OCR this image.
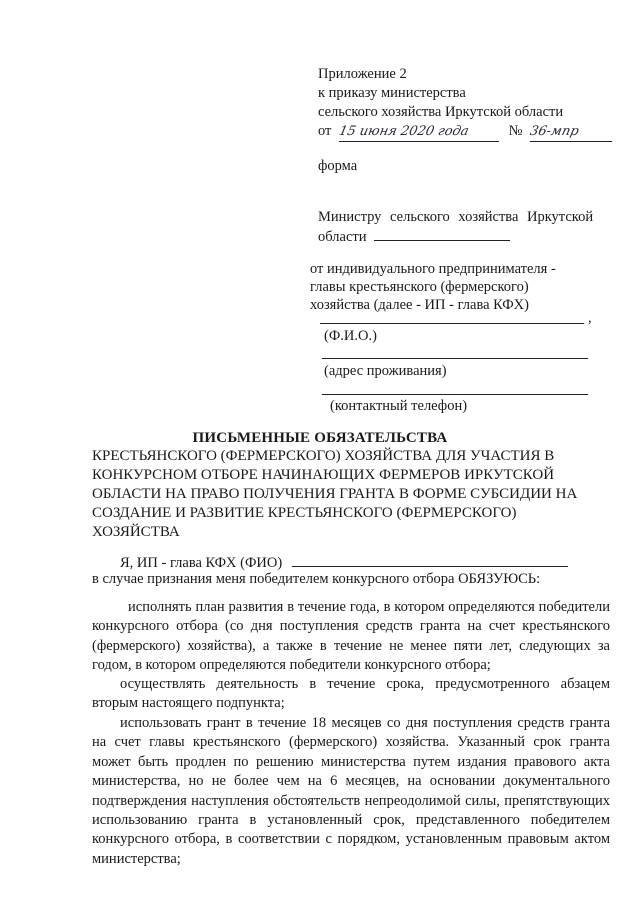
Приложение 2
к приказу министерства
сельского хозяйства Иркутской области
от 15 июня 2020 года	№ 36-мпр
форма
Министру сельского хозяйства Иркутской
области
от индивидуального предпринимателя -
главы крестьянского (фермерского)
хозяйства (далее - ИП - глава КФХ)
,
(Ф.И.О.)
(адрес проживания)
(контактный телефон)
ПИСЬМЕННЫЕ ОБЯЗАТЕЛЬСТВА
КРЕСТЬЯНСКОГО (ФЕРМЕРСКОГО) ХОЗЯЙСТВА ДЛЯ УЧАСТИЯ В
КОНКУРСНОМ ОТБОРЕ НАЧИНАЮЩИХ ФЕРМЕРОВ ИРКУТСКОЙ
ОБЛАСТИ НА ПРАВО ПОЛУЧЕНИЯ ГРАНТА В ФОРМЕ СУБСИДИИ НА
СОЗДАНИЕ И РАЗВИТИЕ КРЕСТЬЯНСКОГО (ФЕРМЕРСКОГО)
ХОЗЯЙСТВА
Я, ИП - глава КФХ (ФИО)
в случае признания меня победителем конкурсного отбора ОБЯЗУЮСЬ:
исполнять план развития в течение года, в котором определяются победители конкурсного отбора (со дня поступления средств гранта на счет крестьянского (фермерского) хозяйства), а также в течение не менее пяти лет, следующих за годом, в котором определяются победители конкурсного отбора;
осуществлять деятельность в течение срока, предусмотренного абзацем вторым настоящего подпункта;
использовать грант в течение 18 месяцев со дня поступления средств гранта на счет главы крестьянского (фермерского) хозяйства. Указанный срок гранта может быть продлен по решению министерства путем издания правового акта министерства, но не более чем на 6 месяцев, на основании документального подтверждения наступления обстоятельств непреодолимой силы, препятствующих использованию гранта в установленный срок, представленного победителем конкурсного отбора, в соответствии с порядком, установленным правовым актом министерства;
